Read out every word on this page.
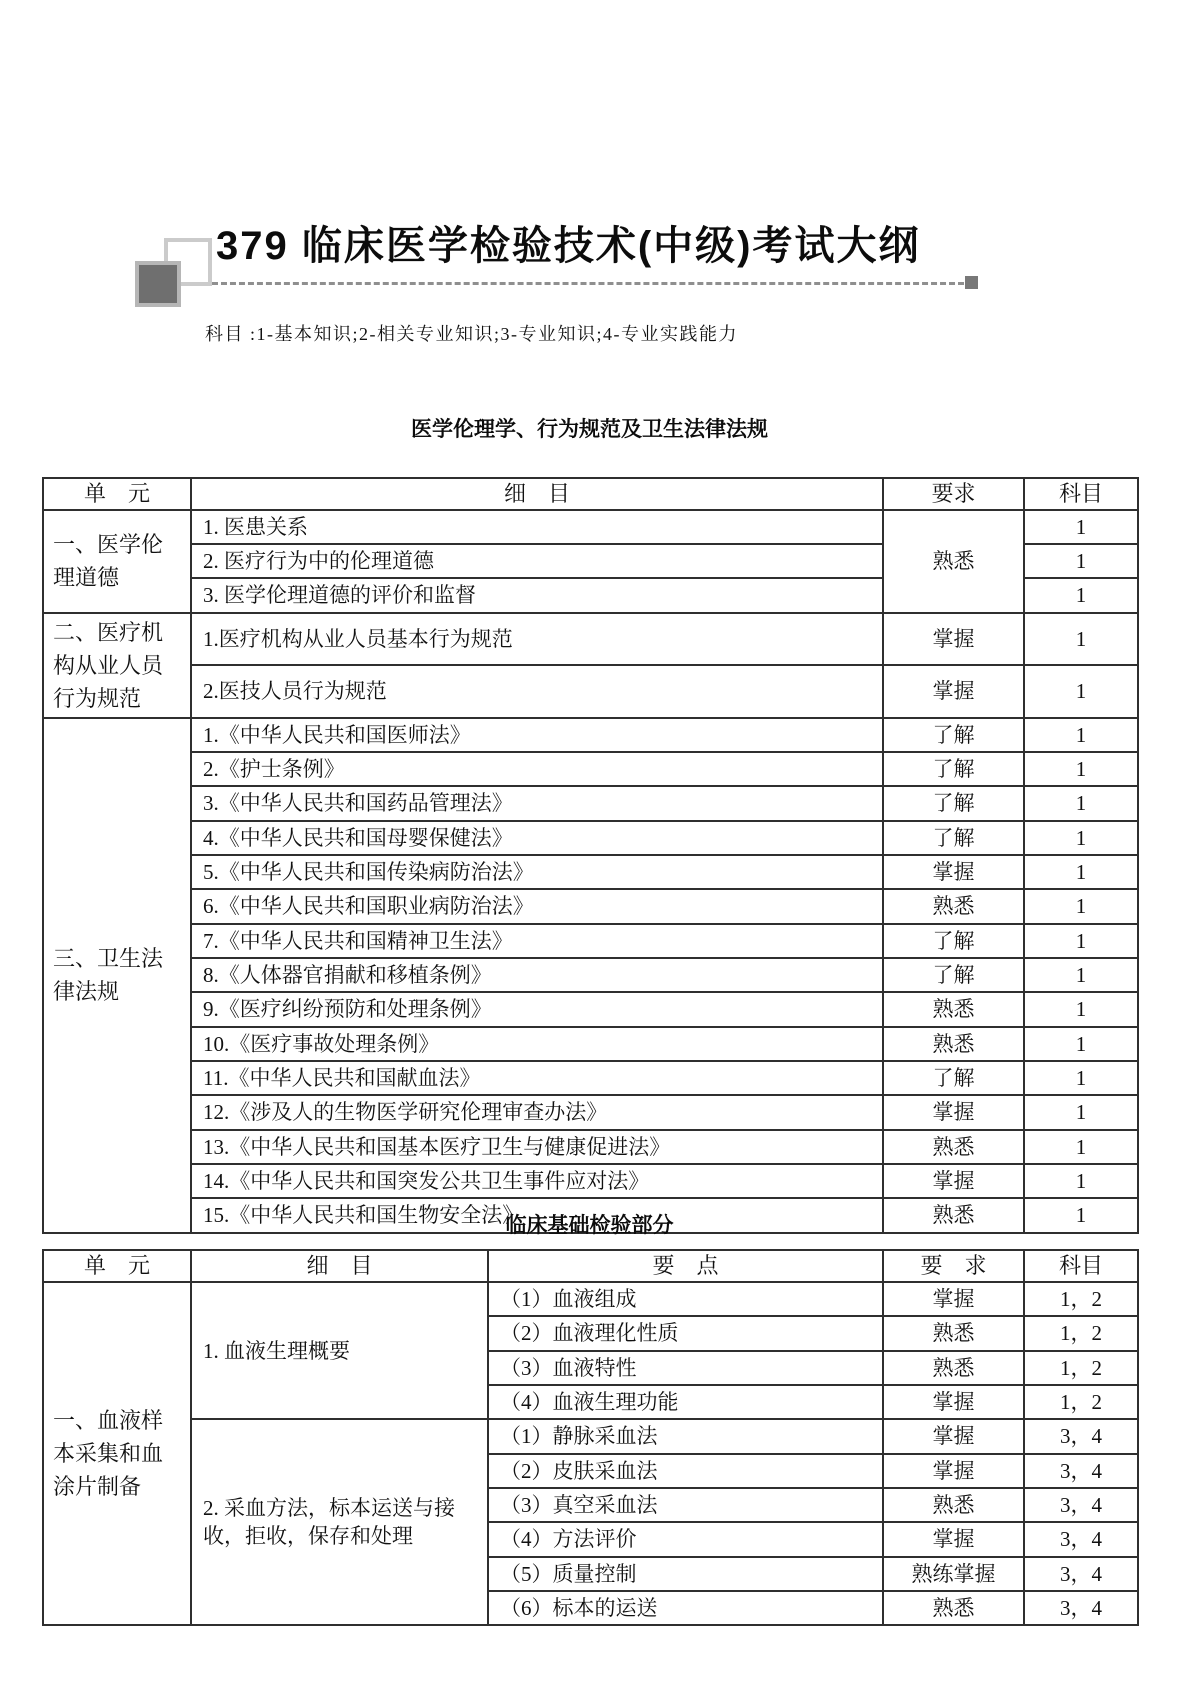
379 临床医学检验技术(中级)考试大纲
科目 :1-基本知识;2-相关专业知识;3-专业知识;4-专业实践能力
医学伦理学、行为规范及卫生法律法规
单　元	细　目	要求	科目
一、医学伦理道德	1. 医患关系	熟悉	1
	2. 医疗行为中的伦理道德		1
	3. 医学伦理道德的评价和监督		1
二、医疗机构从业人员行为规范	1.医疗机构从业人员基本行为规范	掌握	1
	2.医技人员行为规范	掌握	1
三、卫生法律法规	1.《中华人民共和国医师法》	了解	1
	2.《护士条例》	了解	1
	3.《中华人民共和国药品管理法》	了解	1
	4.《中华人民共和国母婴保健法》	了解	1
	5.《中华人民共和国传染病防治法》	掌握	1
	6.《中华人民共和国职业病防治法》	熟悉	1
	7.《中华人民共和国精神卫生法》	了解	1
	8.《人体器官捐献和移植条例》	了解	1
	9.《医疗纠纷预防和处理条例》	熟悉	1
	10.《医疗事故处理条例》	熟悉	1
	11.《中华人民共和国献血法》	了解	1
	12.《涉及人的生物医学研究伦理审查办法》	掌握	1
	13.《中华人民共和国基本医疗卫生与健康促进法》	熟悉	1
	14.《中华人民共和国突发公共卫生事件应对法》	掌握	1
	15.《中华人民共和国生物安全法》	熟悉	1
临床基础检验部分
单　元	细　目	要　点	要　求	科目
一、血液样本采集和血涂片制备	1. 血液生理概要	（1）血液组成	掌握	1，2
		（2）血液理化性质	熟悉	1，2
		（3）血液特性	熟悉	1，2
		（4）血液生理功能	掌握	1，2
	2. 采血方法，标本运送与接收，拒收，保存和处理	（1）静脉采血法	掌握	3，4
		（2）皮肤采血法	掌握	3，4
		（3）真空采血法	熟悉	3，4
		（4）方法评价	掌握	3，4
		（5）质量控制	熟练掌握	3，4
		（6）标本的运送	熟悉	3，4
